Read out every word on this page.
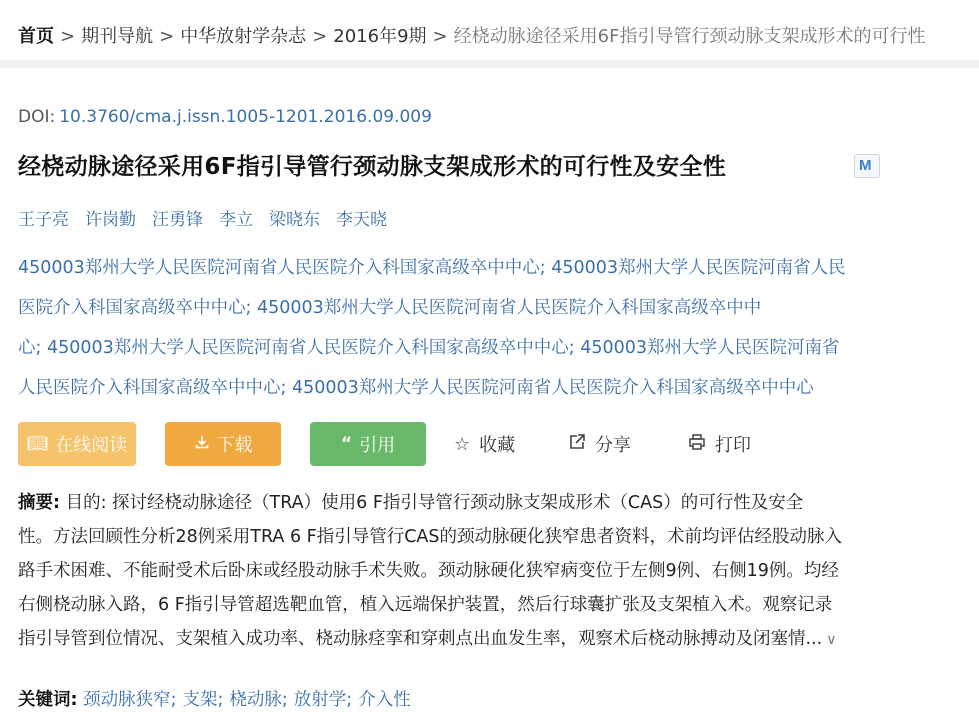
首页 > 期刊导航 > 中华放射学杂志 > 2016年9期 > 经桡动脉途径采用6F指引导管行颈动脉支架成形术的可行性
DOI: 10.3760/cma.j.issn.1005-1201.2016.09.009
经桡动脉途径采用6F指引导管行颈动脉支架成形术的可行性及安全性	M
王子亮 许岗勤 汪勇锋 李立 梁晓东 李天晓
450003郑州大学人民医院河南省人民医院介入科国家高级卒中中心; 450003郑州大学人民医院河南省人民
医院介入科国家高级卒中中心; 450003郑州大学人民医院河南省人民医院介入科国家高级卒中中
心; 450003郑州大学人民医院河南省人民医院介入科国家高级卒中中心; 450003郑州大学人民医院河南省
人民医院介入科国家高级卒中中心; 450003郑州大学人民医院河南省人民医院介入科国家高级卒中中心
📖︎ 在线阅读	下载	“ 引用	☆ 收藏	分享	打印
摘要: 目的: 探讨经桡动脉途径（TRA）使用6 F指引导管行颈动脉支架成形术（CAS）的可行性及安全
性。方法回顾性分析28例采用TRA 6 F指引导管行CAS的颈动脉硬化狭窄患者资料，术前均评估经股动脉入
路手术困难、不能耐受术后卧床或经股动脉手术失败。颈动脉硬化狭窄病变位于左侧9例、右侧19例。均经
右侧桡动脉入路，6 F指引导管超选靶血管，植入远端保护装置，然后行球囊扩张及支架植入术。观察记录
指引导管到位情况、支架植入成功率、桡动脉痉挛和穿刺点出血发生率，观察术后桡动脉搏动及闭塞情... ∨
关键词: 颈动脉狭窄; 支架; 桡动脉; 放射学; 介入性
